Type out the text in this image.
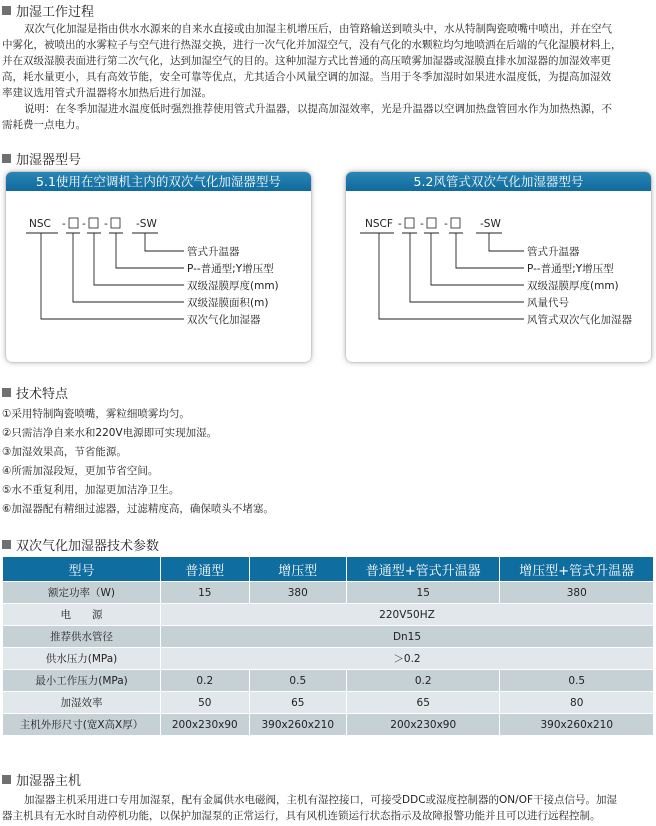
加湿工作过程
双次气化加湿是指由供水水源来的自来水直接或由加湿主机增压后，由管路输送到喷头中，水从特制陶瓷喷嘴中喷出，并在空气
中雾化，被喷出的水雾粒子与空气进行热湿交换，进行一次气化并加湿空气，没有气化的水颗粒均匀地喷洒在后端的气化湿膜材料上，
并在双级湿膜表面进行第二次气化，达到加湿空气的目的。这种加湿方式比普通的高压喷雾加湿器或湿膜直排水加湿器的加湿效率更
高，耗水量更小，具有高效节能，安全可靠等优点，尤其适合小风量空调的加湿。当用于冬季加湿时如果进水温度低，为提高加湿效
率建议选用管式升温器将水加热后进行加湿。
说明：在冬季加湿进水温度低时强烈推荐使用管式升温器，以提高加湿效率，光是升温器以空调加热盘管回水作为加热热源，不
需耗费一点电力。
加湿器型号
5.1使用在空调机主内的双次气化加湿器型号
NSC - - -	-SW
管式升温器
P--普通型;Y增压型
双级湿膜厚度(mm)
双级湿膜面积(m)
双次气化加湿器
5.2风管式双次气化加湿器型号
NSCF - - -	-SW
管式升温器
P--普通型;Y增压型
双级湿膜厚度(mm)
风量代号
风管式双次气化加湿器
技术特点
①采用特制陶瓷喷嘴，雾粒细喷雾均匀。
②只需洁净自来水和220V电源即可实现加湿。
③加湿效果高，节省能源。
④所需加湿段短，更加节省空间。
⑤水不重复利用，加湿更加洁净卫生。
⑥加湿器配有精细过滤器，过滤精度高，确保喷头不堵塞。
双次气化加湿器技术参数
型号	普通型	增压型	普通型+管式升温器	增压型+管式升温器
额定功率（W)	15	380	15	380
电　　源	220V50HZ			
推荐供水管径	Dn15			
供水压力(MPa)	＞0.2			
最小工作压力(MPa)	0.2	0.5	0.2	0.5
加湿效率	50	65	65	80
主机外形尺寸(宽X高X厚）	200x230x90	390x260x210	200x230x90	390x260x210
加湿器主机
加湿器主机采用进口专用加湿泵，配有金属供水电磁阀，主机有湿控接口，可接受DDC或湿度控制器的ON/OF干接点信号。加湿
器主机具有无水时自动停机功能，以保护加湿泵的正常运行，具有风机连锁运行状态指示及故障报警功能并且可以进行远程控制。
